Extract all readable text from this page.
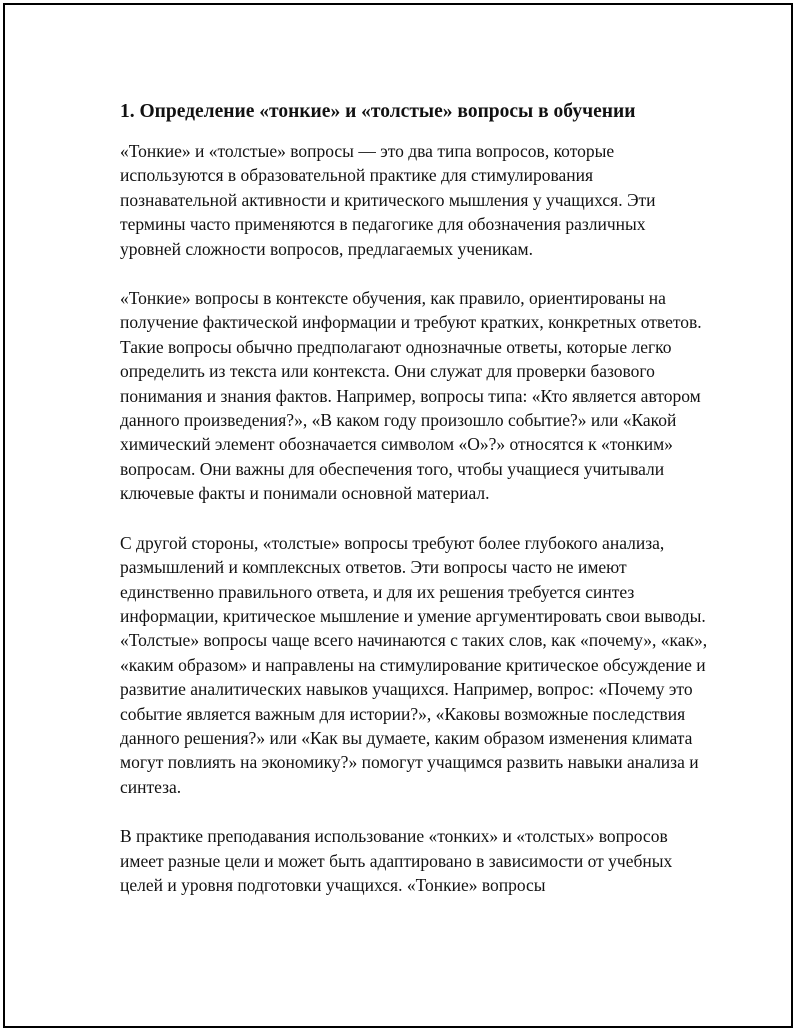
1. Определение «тонкие» и «толстые» вопросы в обучении

«Тонкие» и «толстые» вопросы — это два типа вопросов, которые используются в образовательной практике для стимулирования познавательной активности и критического мышления у учащихся. Эти термины часто применяются в педагогике для обозначения различных уровней сложности вопросов, предлагаемых ученикам.

«Тонкие» вопросы в контексте обучения, как правило, ориентированы на получение фактической информации и требуют кратких, конкретных ответов. Такие вопросы обычно предполагают однозначные ответы, которые легко определить из текста или контекста. Они служат для проверки базового понимания и знания фактов. Например, вопросы типа: «Кто является автором данного произведения?», «В каком году произошло событие?» или «Какой химический элемент обозначается символом «O»?» относятся к «тонким» вопросам. Они важны для обеспечения того, чтобы учащиеся учитывали ключевые факты и понимали основной материал.

С другой стороны, «толстые» вопросы требуют более глубокого анализа, размышлений и комплексных ответов. Эти вопросы часто не имеют единственно правильного ответа, и для их решения требуется синтез информации, критическое мышление и умение аргументировать свои выводы. «Толстые» вопросы чаще всего начинаются с таких слов, как «почему», «как», «каким образом» и направлены на стимулирование критическое обсуждение и развитие аналитических навыков учащихся. Например, вопрос: «Почему это событие является важным для истории?», «Каковы возможные последствия данного решения?» или «Как вы думаете, каким образом изменения климата могут повлиять на экономику?» помогут учащимся развить навыки анализа и синтеза.

В практике преподавания использование «тонких» и «толстых» вопросов имеет разные цели и может быть адаптировано в зависимости от учебных целей и уровня подготовки учащихся. «Тонкие» вопросы
